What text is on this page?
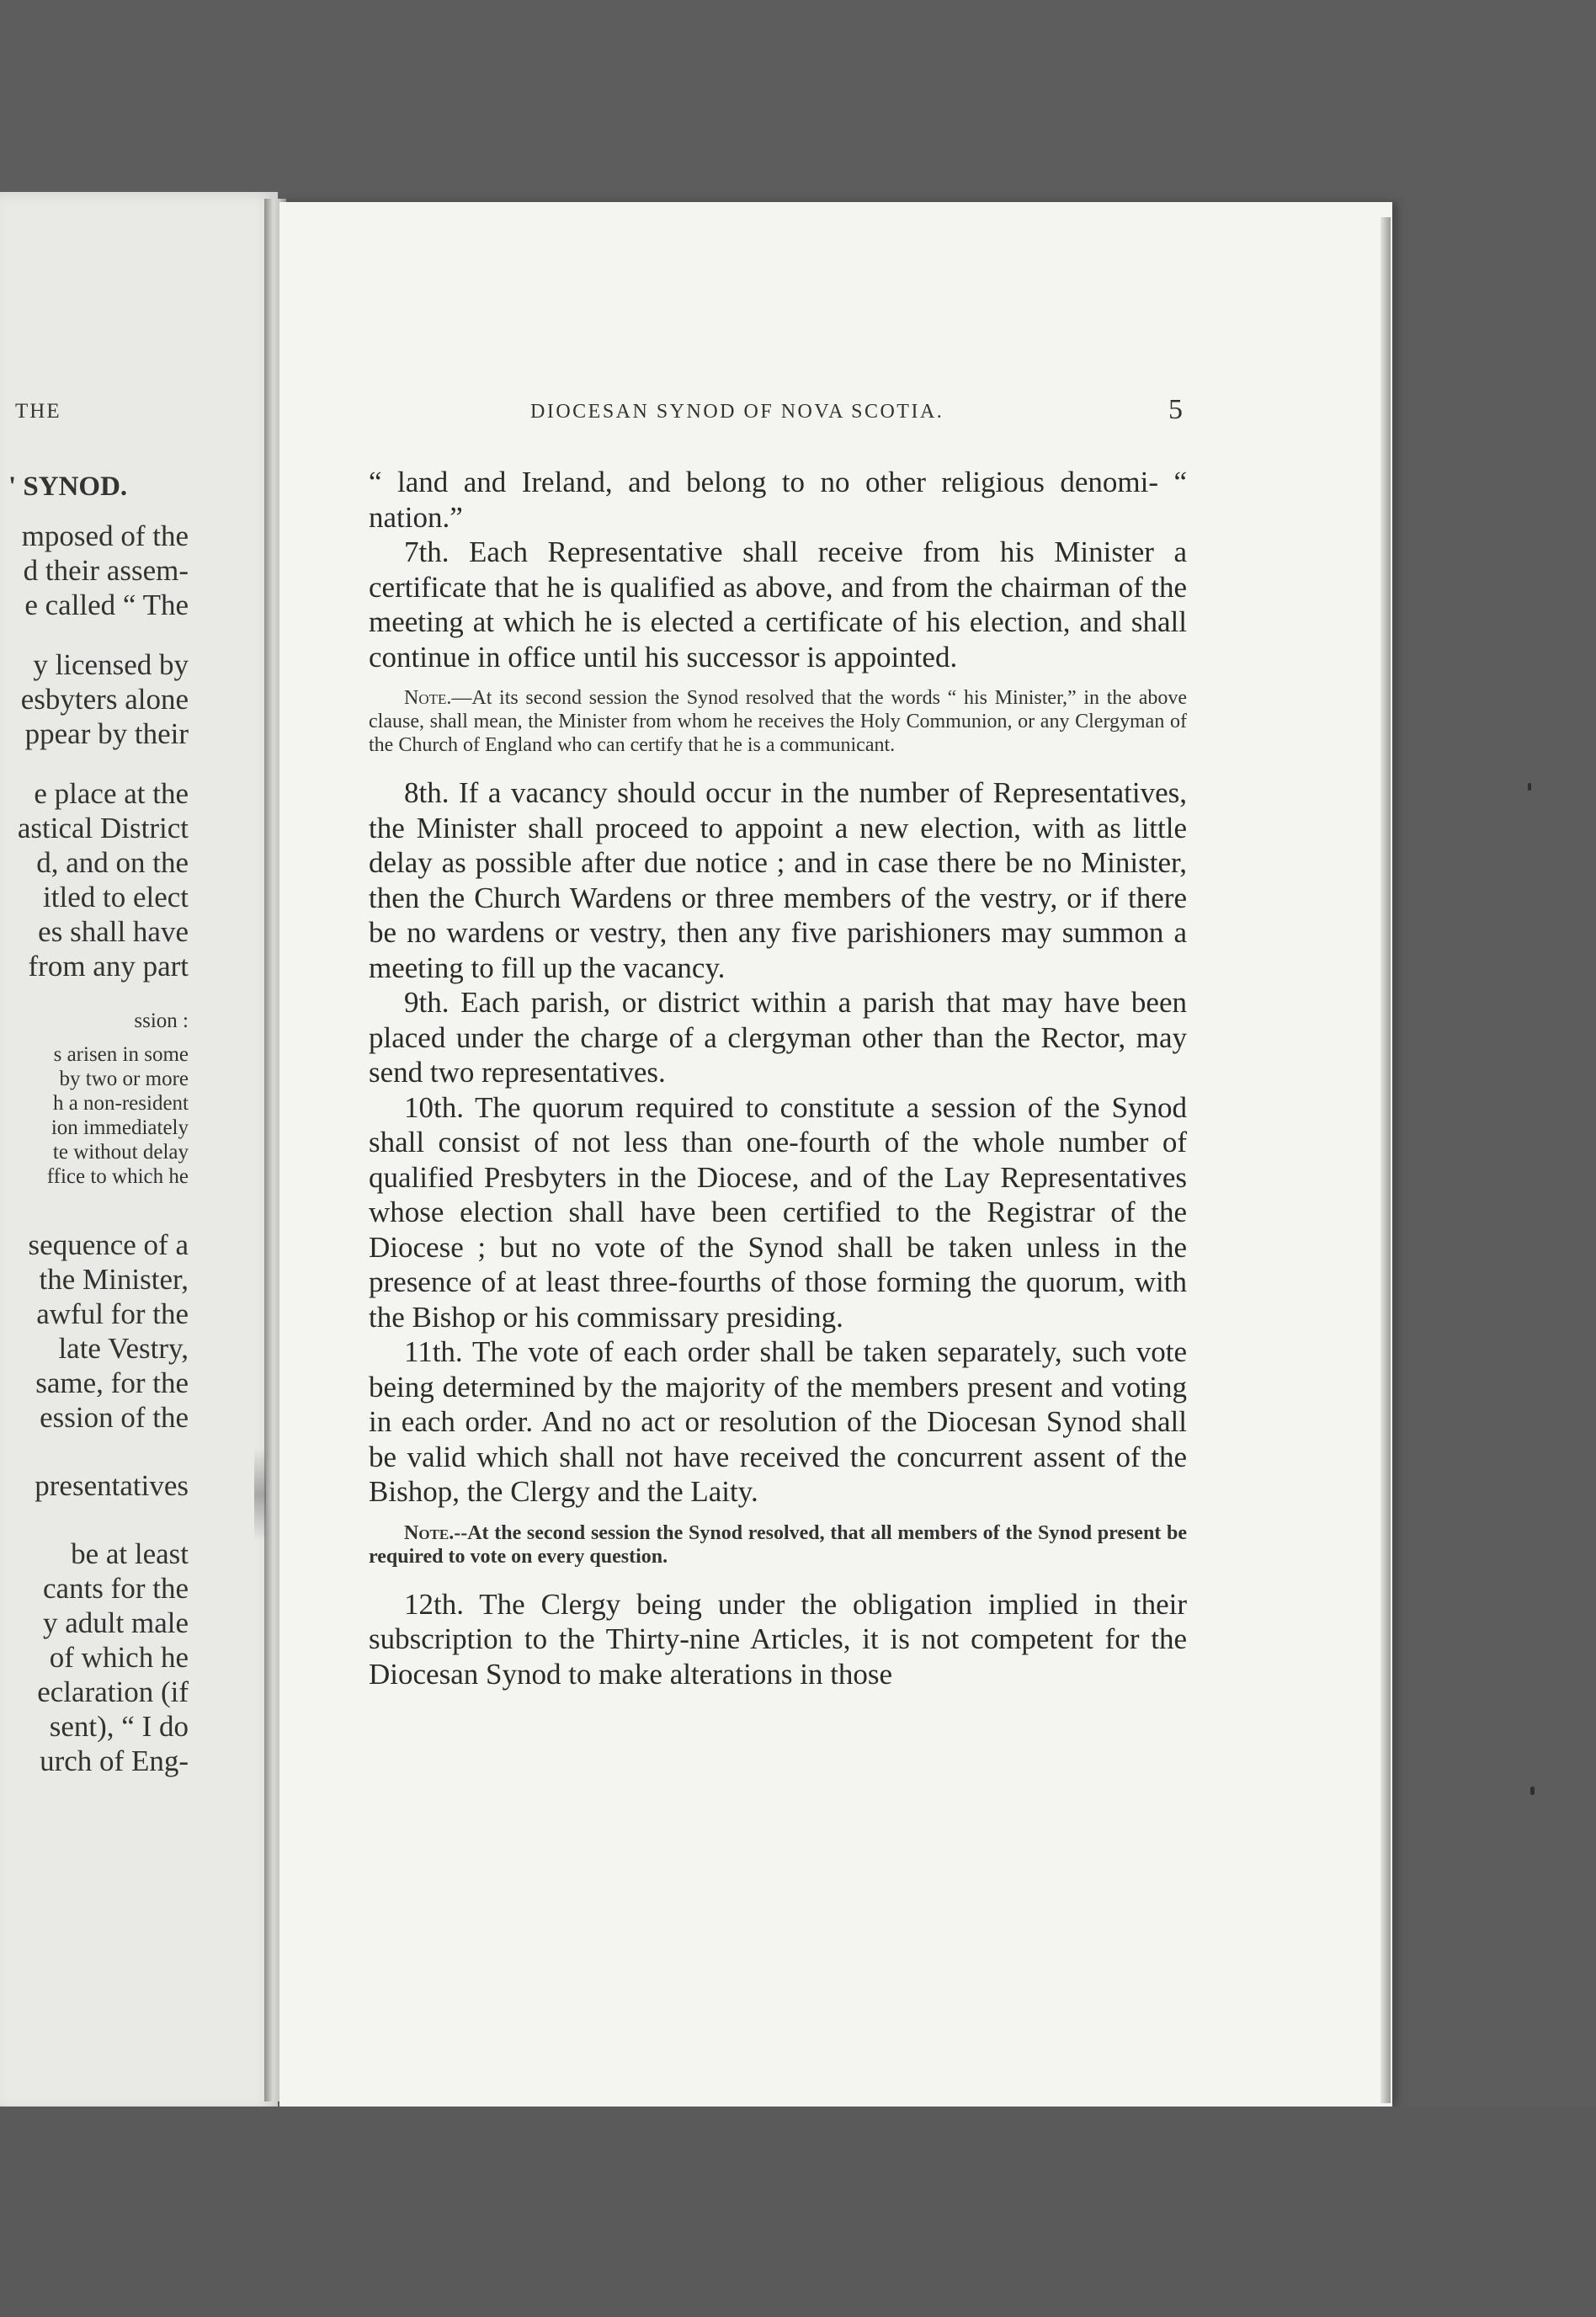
THE
' SYNOD.
mposed of the
d their assem-
e called “ The
y licensed by
esbyters alone
ppear by their
e place at the
astical District
d, and on the
itled to elect
es shall have
from any part
ssion :
s arisen in some
by two or more
h a non-resident
ion immediately
te without delay
ffice to which he
sequence of a
the Minister,
awful for the
late Vestry,
same, for the
ession of the
presentatives
be at least
cants for the
y adult male
of which he
eclaration (if
sent), “ I do
urch of Eng-
DIOCESAN SYNOD OF NOVA SCOTIA.	5

“ land and Ireland, and belong to no other religious denomi- “ nation.”

7th. Each Representative shall receive from his Minister a certificate that he is qualified as above, and from the chairman of the meeting at which he is elected a certificate of his election, and shall continue in office until his successor is appointed.

Note.—At its second session the Synod resolved that the words “ his Minister,” in the above clause, shall mean, the Minister from whom he receives the Holy Communion, or any Clergyman of the Church of England who can certify that he is a communicant.

8th. If a vacancy should occur in the number of Representatives, the Minister shall proceed to appoint a new election, with as little delay as possible after due notice ; and in case there be no Minister, then the Church Wardens or three members of the vestry, or if there be no wardens or vestry, then any five parishioners may summon a meeting to fill up the vacancy.

9th. Each parish, or district within a parish that may have been placed under the charge of a clergyman other than the Rector, may send two representatives.

10th. The quorum required to constitute a session of the Synod shall consist of not less than one-fourth of the whole number of qualified Presbyters in the Diocese, and of the Lay Representatives whose election shall have been certified to the Registrar of the Diocese ; but no vote of the Synod shall be taken unless in the presence of at least three-fourths of those forming the quorum, with the Bishop or his commissary presiding.

11th. The vote of each order shall be taken separately, such vote being determined by the majority of the members present and voting in each order. And no act or resolution of the Diocesan Synod shall be valid which shall not have received the concurrent assent of the Bishop, the Clergy and the Laity.

Note.--At the second session the Synod resolved, that all members of the Synod present be required to vote on every question.

12th. The Clergy being under the obligation implied in their subscription to the Thirty-nine Articles, it is not competent for the Diocesan Synod to make alterations in those
